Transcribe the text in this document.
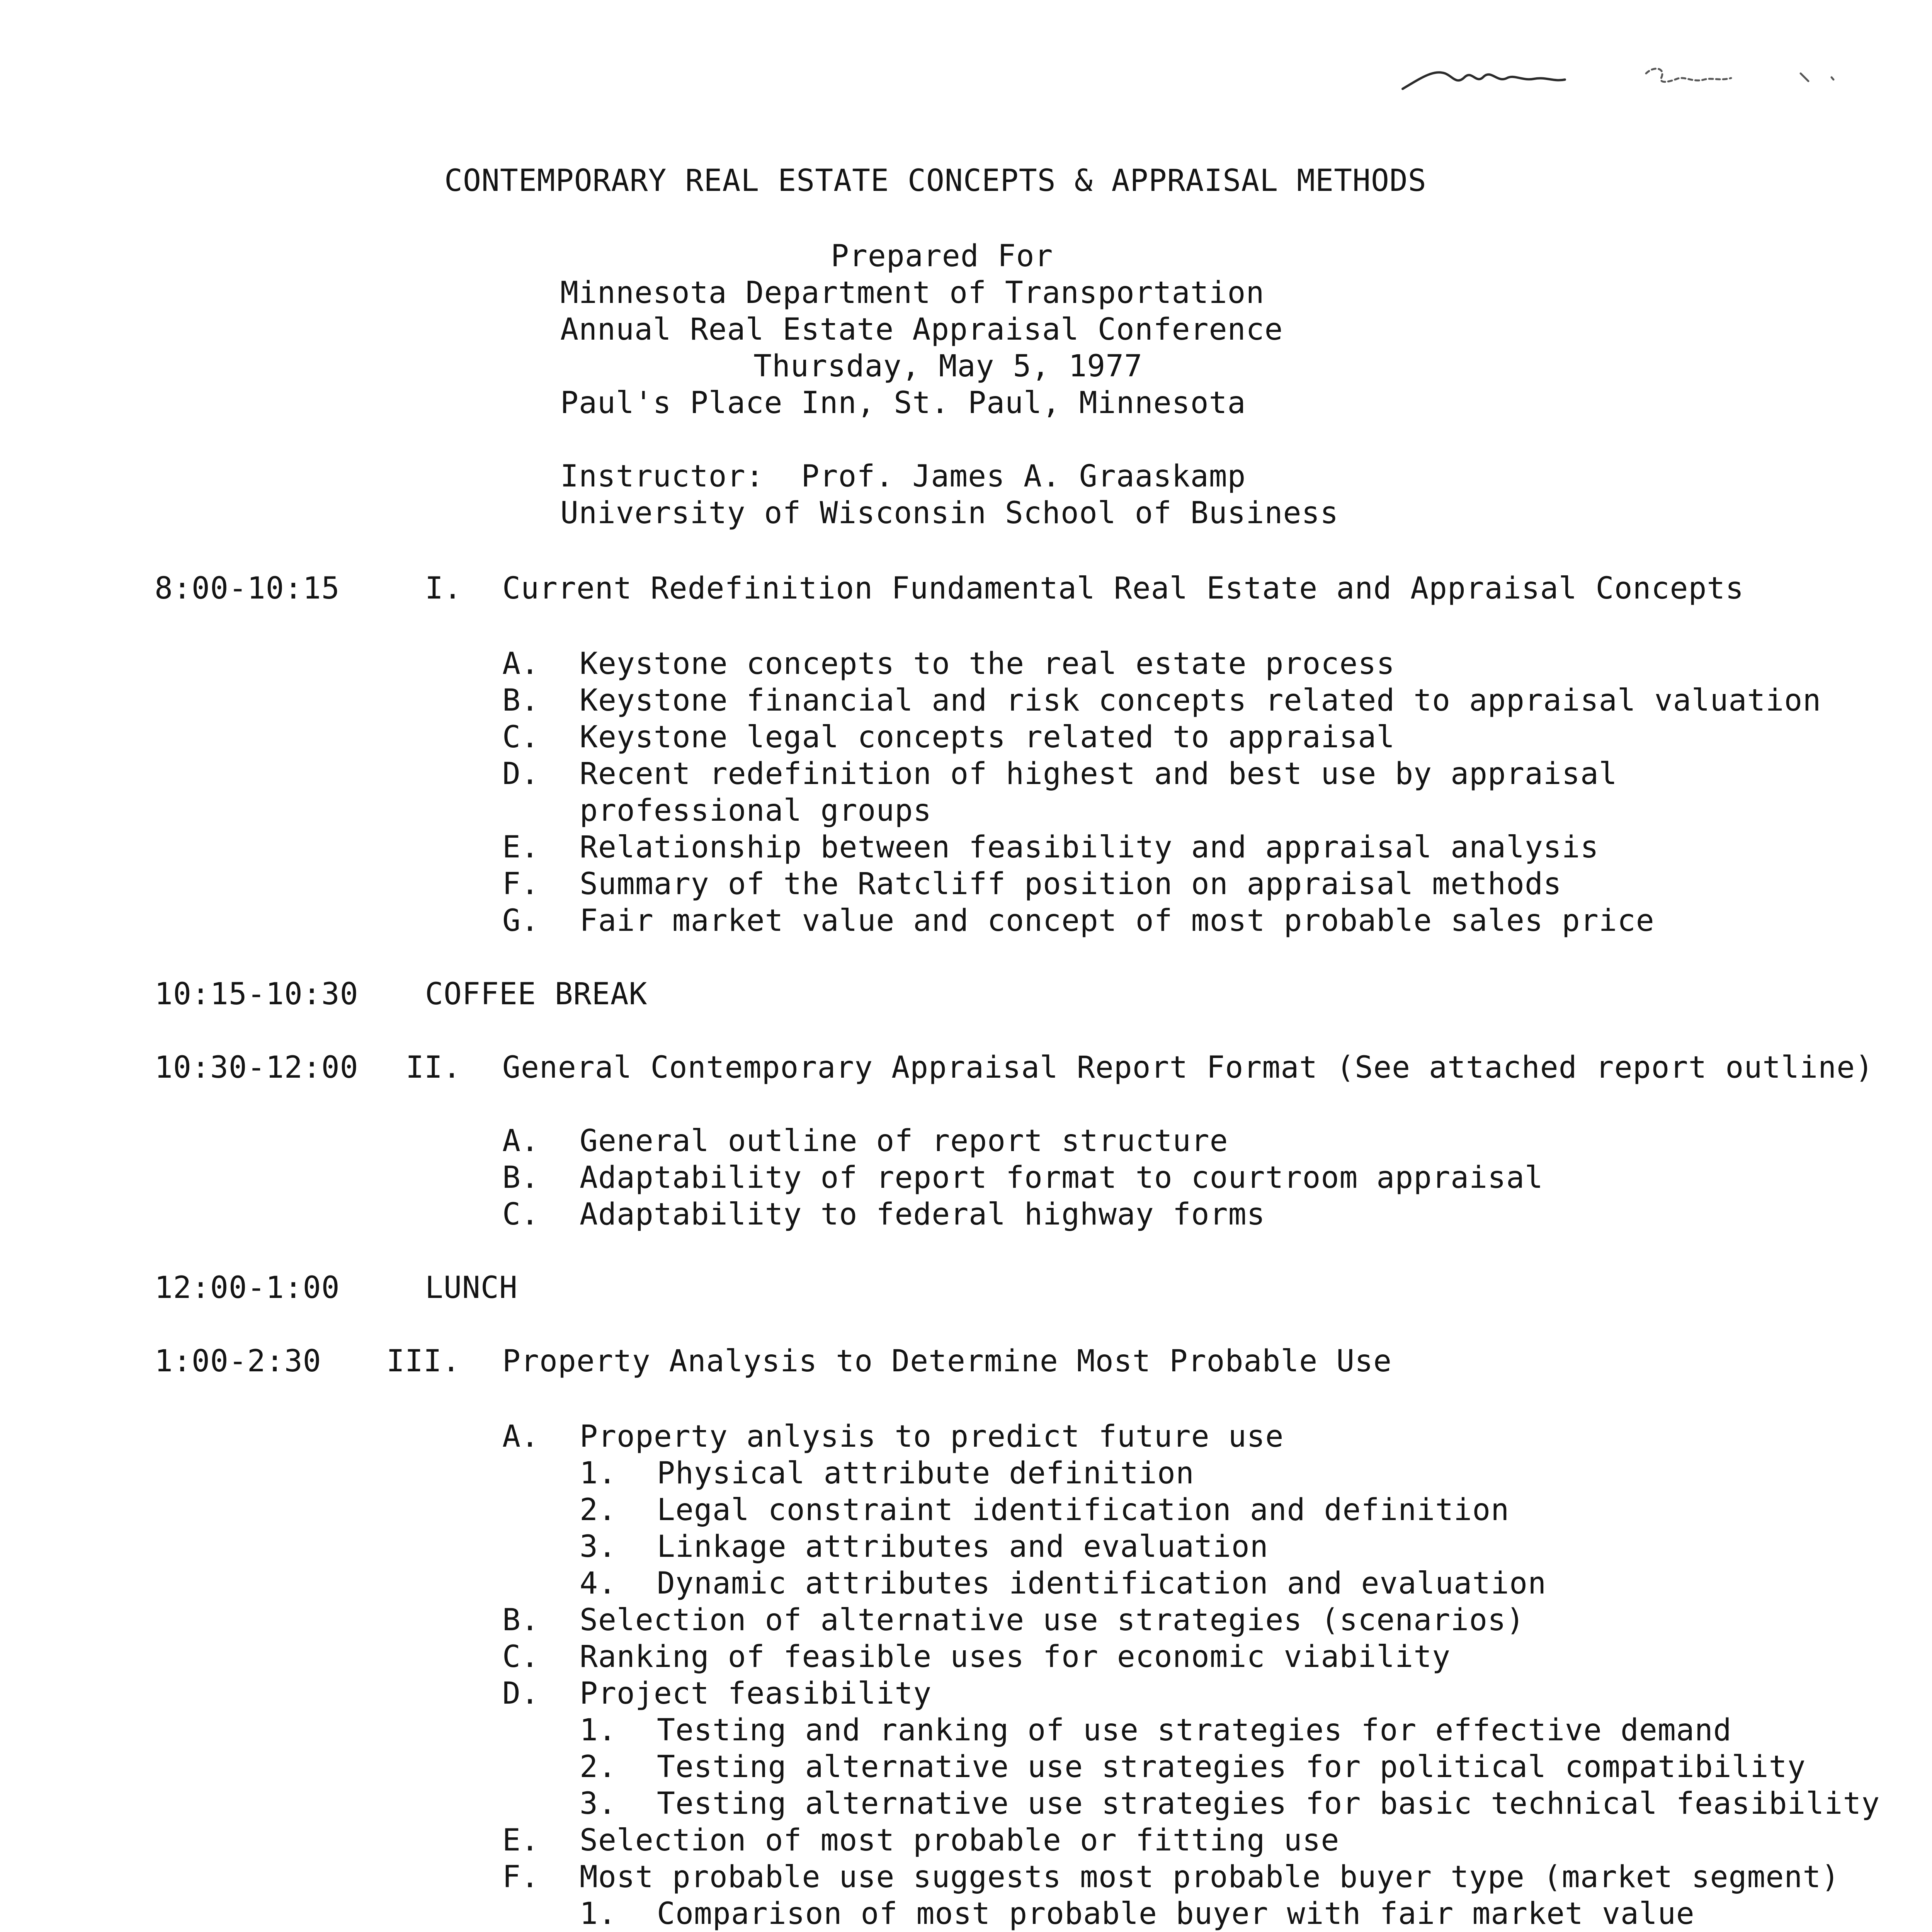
CONTEMPORARY REAL ESTATE CONCEPTS & APPRAISAL METHODS
Prepared For
Minnesota Department of Transportation
Annual Real Estate Appraisal Conference
Thursday, May 5, 1977
Paul's Place Inn, St. Paul, Minnesota
Instructor:  Prof. James A. Graaskamp
University of Wisconsin School of Business
8:00-10:15	I. Current Redefinition Fundamental Real Estate and Appraisal Concepts
A. Keystone concepts to the real estate process
B. Keystone financial and risk concepts related to appraisal valuation
C. Keystone legal concepts related to appraisal
D. Recent redefinition of highest and best use by appraisal
professional groups
E. Relationship between feasibility and appraisal analysis
F. Summary of the Ratcliff position on appraisal methods
G. Fair market value and concept of most probable sales price
10:15-10:30 COFFEE BREAK
10:30-12:00 II. General Contemporary Appraisal Report Format (See attached report outline)
A. General outline of report structure
B. Adaptability of report format to courtroom appraisal
C. Adaptability to federal highway forms
12:00-1:00	LUNCH
1:00-2:30 III. Property Analysis to Determine Most Probable Use
A. Property anlysis to predict future use
1. Physical attribute definition
2. Legal constraint identification and definition
3. Linkage attributes and evaluation
4. Dynamic attributes identification and evaluation
B. Selection of alternative use strategies (scenarios)
C. Ranking of feasible uses for economic viability
D. Project feasibility
1. Testing and ranking of use strategies for effective demand
2. Testing alternative use strategies for political compatibility
3. Testing alternative use strategies for basic technical feasibility
E. Selection of most probable or fitting use
F. Most probable use suggests most probable buyer type (market segment)
1. Comparison of most probable buyer with fair market value
